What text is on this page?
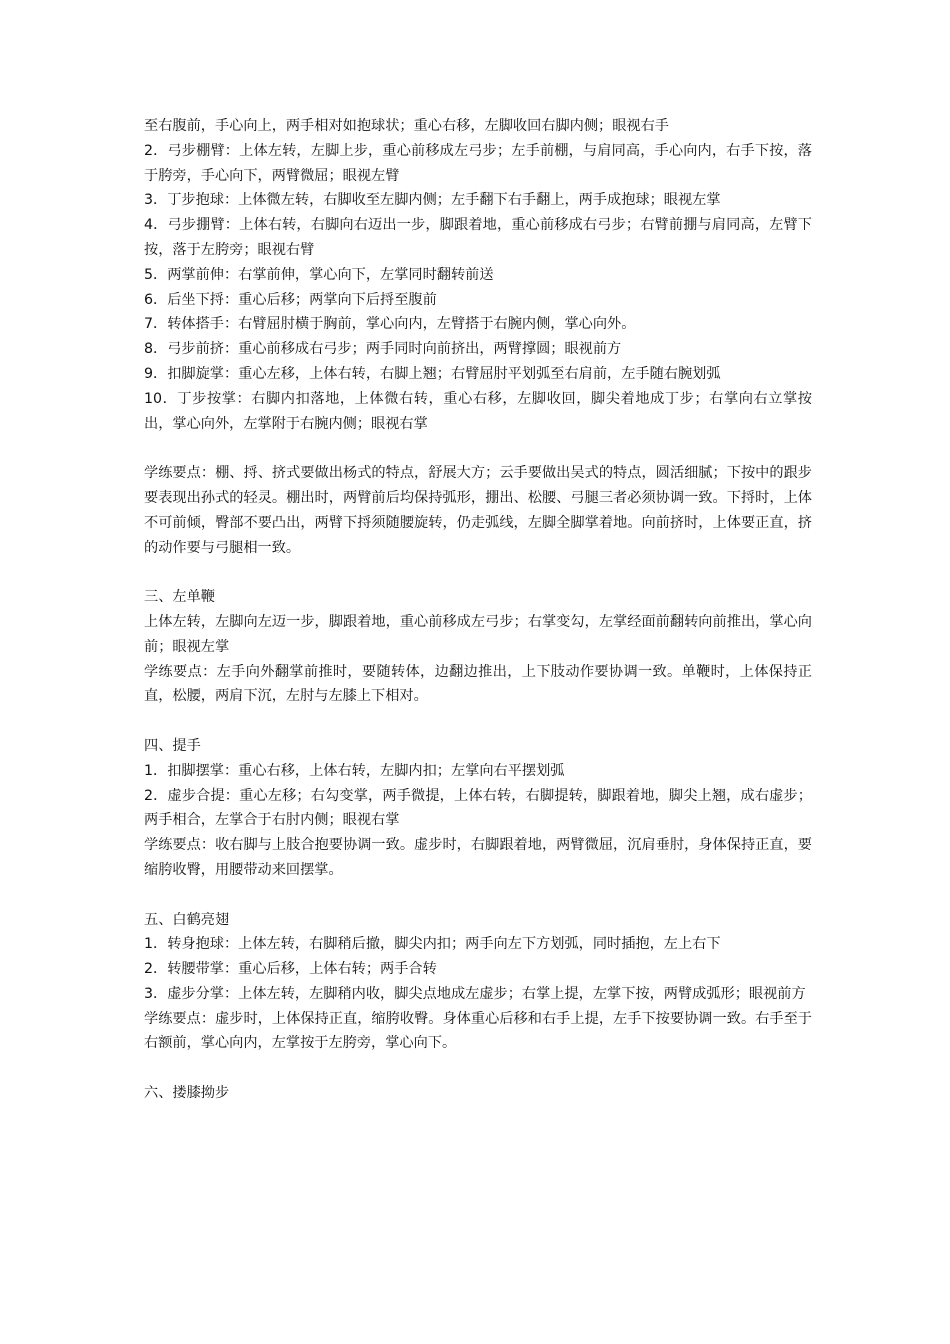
至右腹前，手心向上，两手相对如抱球状；重心右移，左脚收回右脚内侧；眼视右手

2．弓步棚臂：上体左转，左脚上步，重心前移成左弓步；左手前棚，与肩同高，手心向内，右手下按，落于胯旁，手心向下，两臂微屈；眼视左臂

3．丁步抱球：上体微左转，右脚收至左脚内侧；左手翻下右手翻上，两手成抱球；眼视左掌

4．弓步掤臂：上体右转，右脚向右迈出一步，脚跟着地，重心前移成右弓步；右臂前掤与肩同高，左臂下按，落于左胯旁；眼视右臂

5．两掌前伸：右掌前伸，掌心向下，左掌同时翻转前送

6．后坐下捋：重心后移；两掌向下后捋至腹前

7．转体搭手：右臂屈肘横于胸前，掌心向内，左臂搭于右腕内侧，掌心向外。

8．弓步前挤：重心前移成右弓步；两手同时向前挤出，两臂撑圆；眼视前方

9．扣脚旋掌：重心左移，上体右转，右脚上翘；右臂屈肘平划弧至右肩前，左手随右腕划弧

10．丁步按掌：右脚内扣落地，上体微右转，重心右移，左脚收回，脚尖着地成丁步；右掌向右立掌按出，掌心向外，左掌附于右腕内侧；眼视右掌

学练要点：棚、捋、挤式要做出杨式的特点，舒展大方；云手要做出吴式的特点，圆活细腻；下按中的跟步要表现出孙式的轻灵。棚出时，两臂前后均保持弧形，掤出、松腰、弓腿三者必须协调一致。下捋时，上体不可前倾，臀部不要凸出，两臂下捋须随腰旋转，仍走弧线，左脚全脚掌着地。向前挤时，上体要正直，挤的动作要与弓腿相一致。

三、左单鞭

上体左转，左脚向左迈一步，脚跟着地，重心前移成左弓步；右掌变勾，左掌经面前翻转向前推出，掌心向前；眼视左掌

学练要点：左手向外翻掌前推时，要随转体，边翻边推出，上下肢动作要协调一致。单鞭时，上体保持正直，松腰，两肩下沉，左肘与左膝上下相对。

四、提手

1．扣脚摆掌：重心右移，上体右转，左脚内扣；左掌向右平摆划弧

2．虚步合提：重心左移；右勾变掌，两手微提，上体右转，右脚提转，脚跟着地，脚尖上翘，成右虚步；两手相合，左掌合于右肘内侧；眼视右掌

学练要点：收右脚与上肢合抱要协调一致。虚步时，右脚跟着地，两臂微屈，沉肩垂肘，身体保持正直，要缩胯收臀，用腰带动来回摆掌。

五、白鹤亮翅

1．转身抱球：上体左转，右脚稍后撤，脚尖内扣；两手向左下方划弧，同时插抱，左上右下

2．转腰带掌：重心后移，上体右转；两手合转

3．虚步分掌：上体左转，左脚稍内收，脚尖点地成左虚步；右掌上提，左掌下按，两臂成弧形；眼视前方

学练要点：虚步时，上体保持正直，缩胯收臀。身体重心后移和右手上提，左手下按要协调一致。右手至于右额前，掌心向内，左掌按于左胯旁，掌心向下。

六、搂膝拗步
